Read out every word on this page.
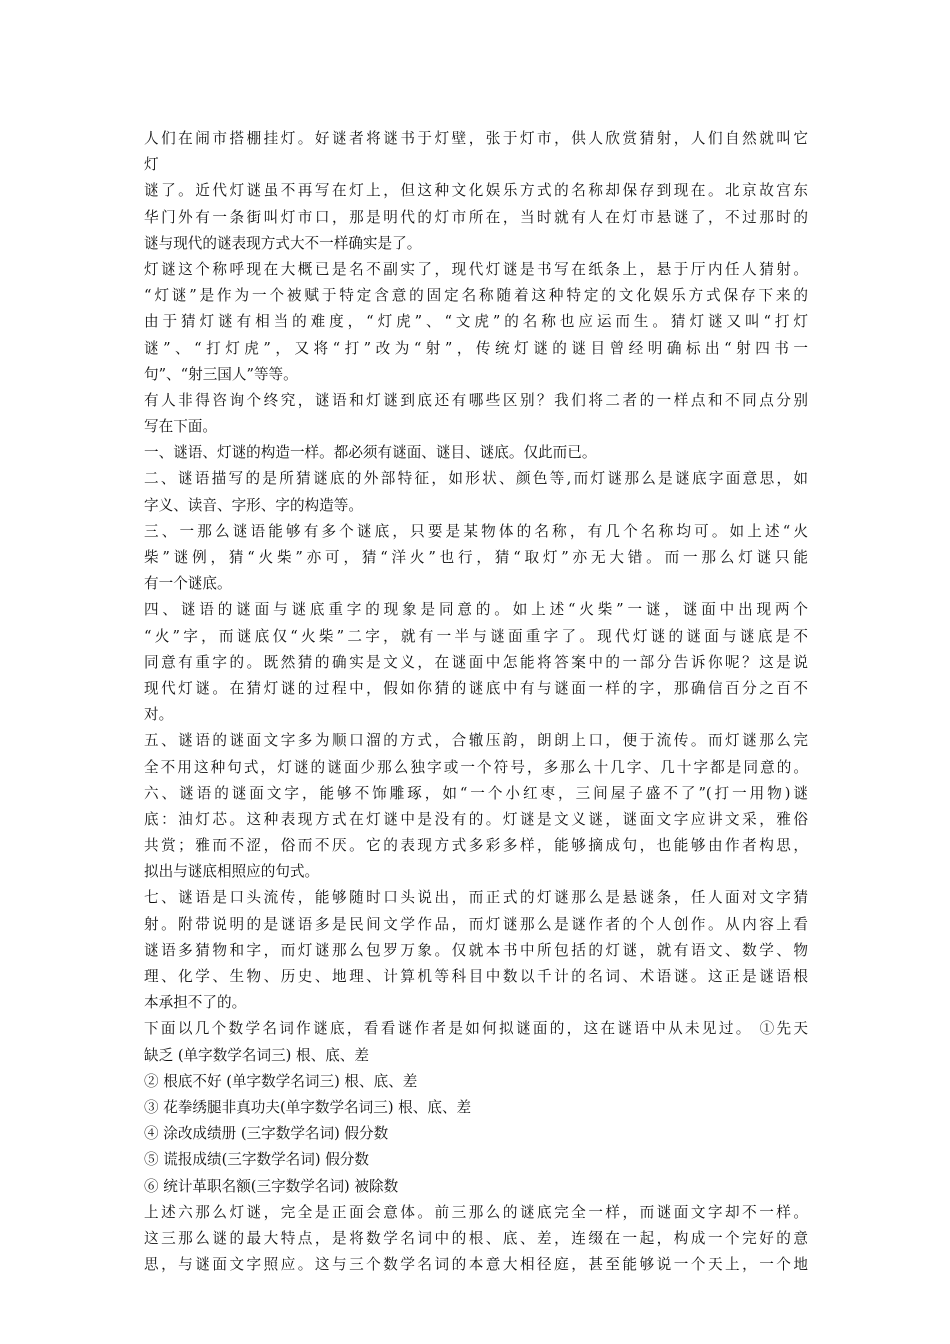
人们在闹市搭棚挂灯。好谜者将谜书于灯壁，张于灯市，供人欣赏猜射，人们自然就叫它
灯
谜了。近代灯谜虽不再写在灯上，但这种文化娱乐方式的名称却保存到现在。北京故宫东
华门外有一条街叫灯市口，那是明代的灯市所在，当时就有人在灯市悬谜了，不过那时的
谜与现代的谜表现方式大不一样确实是了。
灯谜这个称呼现在大概已是名不副实了，现代灯谜是书写在纸条上，悬于厅内任人猜射。
“灯谜”是作为一个被赋于特定含意的固定名称随着这种特定的文化娱乐方式保存下来的
由于猜灯谜有相当的难度，“灯虎”、“文虎”的名称也应运而生。猜灯谜又叫“打灯
谜”、“打灯虎”，又将“打”改为“射”，传统灯谜的谜目曾经明确标出“射四书一
句”、“射三国人”等等。
有人非得咨询个终究，谜语和灯谜到底还有哪些区别？我们将二者的一样点和不同点分别
写在下面。
一、谜语、灯谜的构造一样。都必须有谜面、谜目、谜底。仅此而已。
二、谜语描写的是所猜谜底的外部特征，如形状、颜色等,而灯谜那么是谜底字面意思，如
字义、读音、字形、字的构造等。
三、一那么谜语能够有多个谜底，只要是某物体的名称，有几个名称均可。如上述“火
柴”谜例，猜“火柴”亦可，猜“洋火”也行，猜“取灯”亦无大错。而一那么灯谜只能
有一个谜底。
四、谜语的谜面与谜底重字的现象是同意的。如上述“火柴”一谜，谜面中出现两个
“火”字，而谜底仅“火柴”二字，就有一半与谜面重字了。现代灯谜的谜面与谜底是不
同意有重字的。既然猜的确实是文义，在谜面中怎能将答案中的一部分告诉你呢？这是说
现代灯谜。在猜灯谜的过程中，假如你猜的谜底中有与谜面一样的字，那确信百分之百不
对。
五、谜语的谜面文字多为顺口溜的方式，合辙压韵，朗朗上口，便于流传。而灯谜那么完
全不用这种句式，灯谜的谜面少那么独字或一个符号，多那么十几字、几十字都是同意的。
六、谜语的谜面文字，能够不饰雕琢，如“一个小红枣，三间屋子盛不了”(打一用物)谜
底：油灯芯。这种表现方式在灯谜中是没有的。灯谜是文义谜，谜面文字应讲文采，雅俗
共赏；雅而不涩，俗而不厌。它的表现方式多彩多样，能够摘成句，也能够由作者构思，
拟出与谜底相照应的句式。
七、谜语是口头流传，能够随时口头说出，而正式的灯谜那么是悬谜条，任人面对文字猜
射。附带说明的是谜语多是民间文学作品，而灯谜那么是谜作者的个人创作。从内容上看
谜语多猜物和字，而灯谜那么包罗万象。仅就本书中所包括的灯谜，就有语文、数学、物
理、化学、生物、历史、地理、计算机等科目中数以千计的名词、术语谜。这正是谜语根
本承担不了的。
下面以几个数学名词作谜底，看看谜作者是如何拟谜面的，这在谜语中从未见过。 ①先天
缺乏 (单字数学名词三) 根、底、差
② 根底不好 (单字数学名词三) 根、底、差
③ 花拳绣腿非真功夫(单字数学名词三) 根、底、差
④ 涂改成绩册 (三字数学名词) 假分数
⑤ 谎报成绩(三字数学名词) 假分数
⑥ 统计革职名额(三字数学名词) 被除数
上述六那么灯谜，完全是正面会意体。前三那么的谜底完全一样，而谜面文字却不一样。
这三那么谜的最大特点，是将数学名词中的根、底、差，连缀在一起，构成一个完好的意
思，与谜面文字照应。这与三个数学名词的本意大相径庭，甚至能够说一个天上，一个地
